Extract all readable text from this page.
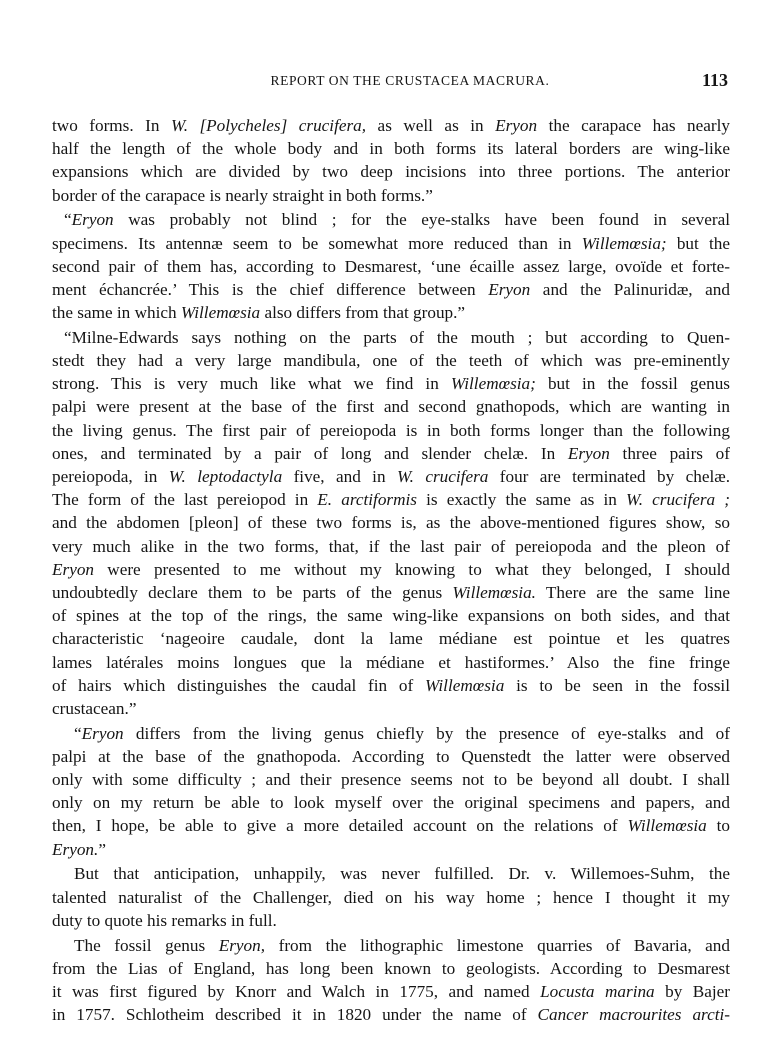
REPORT ON THE CRUSTACEA MACRURA.	113
two forms. In W. [Polycheles] crucifera, as well as in Eryon the carapace has nearly
half the length of the whole body and in both forms its lateral borders are wing-like
expansions which are divided by two deep incisions into three portions. The anterior
border of the carapace is nearly straight in both forms.”
“Eryon was probably not blind ; for the eye-stalks have been found in several
specimens. Its antennæ seem to be somewhat more reduced than in Willemœsia; but the
second pair of them has, according to Desmarest, ‘une écaille assez large, ovoïde et forte-
ment échancrée.’ This is the chief difference between Eryon and the Palinuridæ, and
the same in which Willemœsia also differs from that group.”
“Milne-Edwards says nothing on the parts of the mouth ; but according to Quen-
stedt they had a very large mandibula, one of the teeth of which was pre-eminently
strong. This is very much like what we find in Willemœsia; but in the fossil genus
palpi were present at the base of the first and second gnathopods, which are wanting in
the living genus. The first pair of pereiopoda is in both forms longer than the following
ones, and terminated by a pair of long and slender chelæ. In Eryon three pairs of
pereiopoda, in W. leptodactyla five, and in W. crucifera four are terminated by chelæ.
The form of the last pereiopod in E. arctiformis is exactly the same as in W. crucifera ;
and the abdomen [pleon] of these two forms is, as the above-mentioned figures show, so
very much alike in the two forms, that, if the last pair of pereiopoda and the pleon of
Eryon were presented to me without my knowing to what they belonged, I should
undoubtedly declare them to be parts of the genus Willemœsia. There are the same line
of spines at the top of the rings, the same wing-like expansions on both sides, and that
characteristic ‘nageoire caudale, dont la lame médiane est pointue et les quatres
lames latérales moins longues que la médiane et hastiformes.’ Also the fine fringe
of hairs which distinguishes the caudal fin of Willemœsia is to be seen in the fossil
crustacean.”
“Eryon differs from the living genus chiefly by the presence of eye-stalks and of
palpi at the base of the gnathopoda. According to Quenstedt the latter were observed
only with some difficulty ; and their presence seems not to be beyond all doubt. I shall
only on my return be able to look myself over the original specimens and papers, and
then, I hope, be able to give a more detailed account on the relations of Willemœsia to
Eryon.”
But that anticipation, unhappily, was never fulfilled. Dr. v. Willemoes-Suhm, the
talented naturalist of the Challenger, died on his way home ; hence I thought it my
duty to quote his remarks in full.
The fossil genus Eryon, from the lithographic limestone quarries of Bavaria, and
from the Lias of England, has long been known to geologists. According to Desmarest
it was first figured by Knorr and Walch in 1775, and named Locusta marina by Bajer
in 1757. Schlotheim described it in 1820 under the name of Cancer macrourites arcti-
